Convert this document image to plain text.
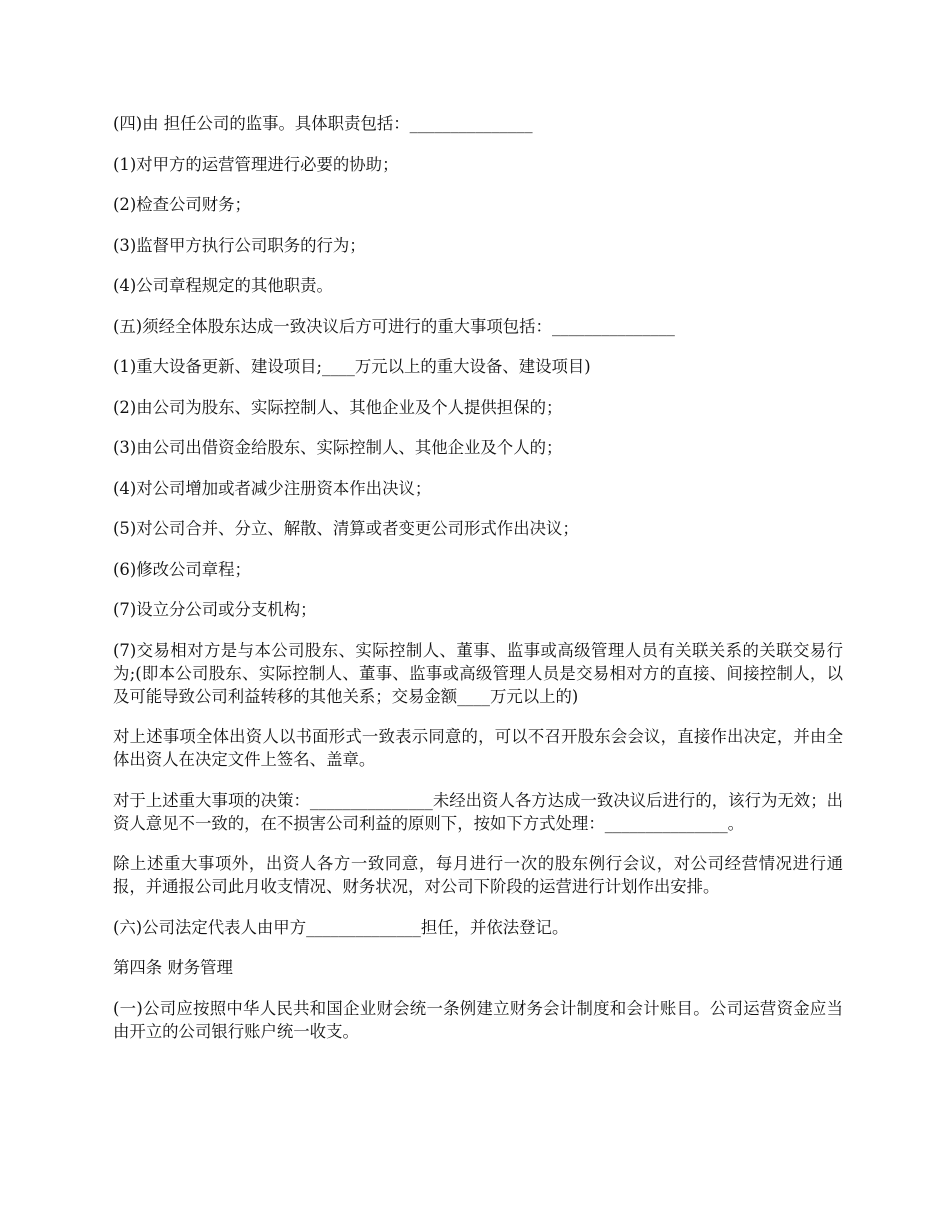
(四)由 担任公司的监事。具体职责包括：_______________

(1)对甲方的运营管理进行必要的协助；

(2)检查公司财务；

(3)监督甲方执行公司职务的行为；

(4)公司章程规定的其他职责。

(五)须经全体股东达成一致决议后方可进行的重大事项包括：_______________

(1)重大设备更新、建设项目;____万元以上的重大设备、建设项目)

(2)由公司为股东、实际控制人、其他企业及个人提供担保的；

(3)由公司出借资金给股东、实际控制人、其他企业及个人的；

(4)对公司增加或者减少注册资本作出决议；

(5)对公司合并、分立、解散、清算或者变更公司形式作出决议；

(6)修改公司章程；

(7)设立分公司或分支机构；

(7)交易相对方是与本公司股东、实际控制人、董事、监事或高级管理人员有关联关系的关联交易行为;(即本公司股东、实际控制人、董事、监事或高级管理人员是交易相对方的直接、间接控制人，以及可能导致公司利益转移的其他关系；交易金额____万元以上的)

对上述事项全体出资人以书面形式一致表示同意的，可以不召开股东会会议，直接作出决定，并由全体出资人在决定文件上签名、盖章。

对于上述重大事项的决策：_______________未经出资人各方达成一致决议后进行的，该行为无效；出资人意见不一致的，在不损害公司利益的原则下，按如下方式处理：_______________。

除上述重大事项外，出资人各方一致同意，每月进行一次的股东例行会议，对公司经营情况进行通报，并通报公司此月收支情况、财务状况，对公司下阶段的运营进行计划作出安排。

(六)公司法定代表人由甲方______________担任，并依法登记。

第四条 财务管理

(一)公司应按照中华人民共和国企业财会统一条例建立财务会计制度和会计账目。公司运营资金应当由开立的公司银行账户统一收支。
